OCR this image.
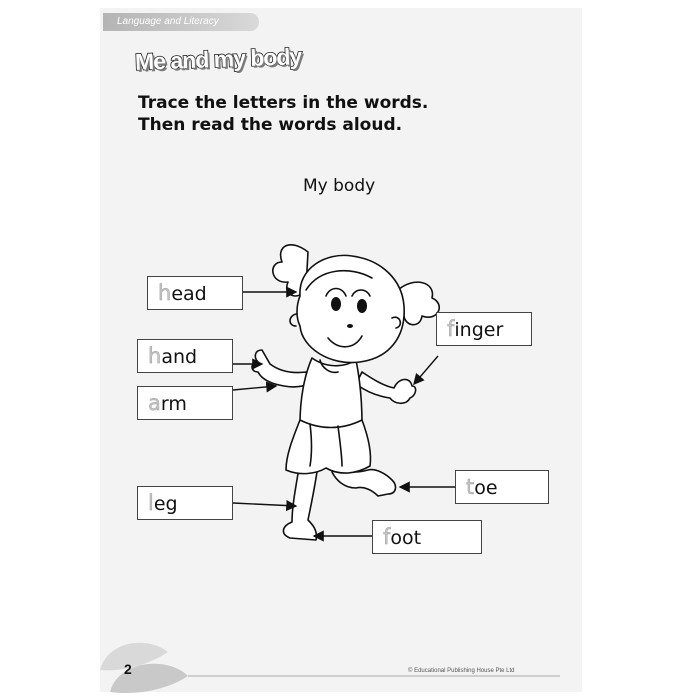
Language and Literacy
Me and my body
Trace the letters in the words.
Then read the words aloud.
My body
head
hand
arm
leg
finger
toe
foot
2	© Educational Publishing House Pte Ltd
